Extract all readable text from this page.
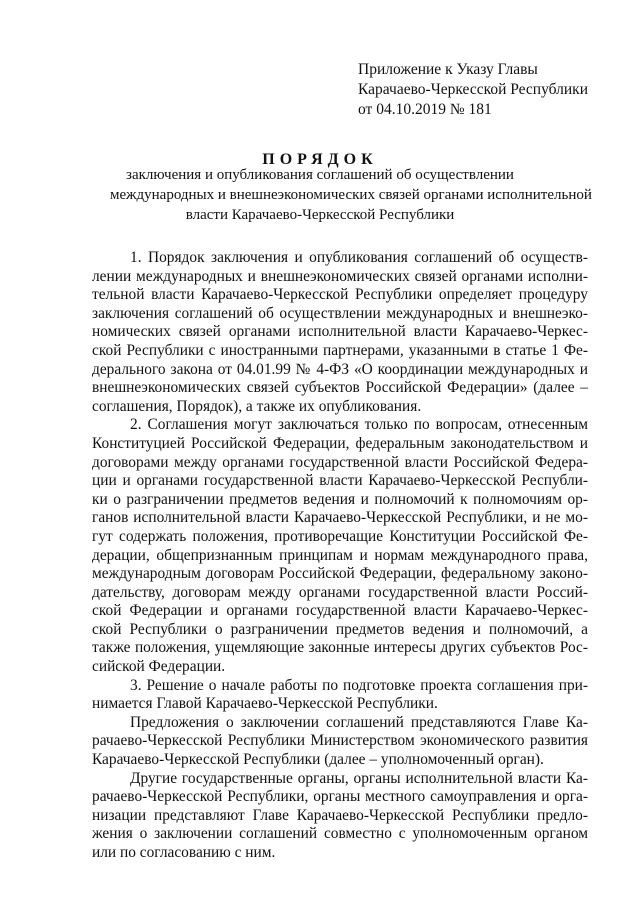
Приложение к Указу Главы
Карачаево-Черкесской Республики
от 04.10.2019 № 181
ПОРЯДОК
заключения и опубликования соглашений об осуществлении
международных и внешнеэкономических связей органами исполнительной
власти Карачаево-Черкесской Республики
1. Порядок заключения и опубликования соглашений об осуществ-
лении международных и внешнеэкономических связей органами исполни-
тельной власти Карачаево-Черкесской Республики определяет процедуру
заключения соглашений об осуществлении международных и внешнеэко-
номических связей органами исполнительной власти Карачаево-Черкес-
ской Республики с иностранными партнерами, указанными в статье 1 Фе-
дерального закона от 04.01.99 № 4-ФЗ «О координации международных и
внешнеэкономических связей субъектов Российской Федерации» (далее –
соглашения, Порядок), а также их опубликования.
2. Соглашения могут заключаться только по вопросам, отнесенным
Конституцией Российской Федерации, федеральным законодательством и
договорами между органами государственной власти Российской Федера-
ции и органами государственной власти Карачаево-Черкесской Республи-
ки о разграничении предметов ведения и полномочий к полномочиям ор-
ганов исполнительной власти Карачаево-Черкесской Республики, и не мо-
гут содержать положения, противоречащие Конституции Российской Фе-
дерации, общепризнанным принципам и нормам международного права,
международным договорам Российской Федерации, федеральному законо-
дательству, договорам между органами государственной власти Россий-
ской Федерации и органами государственной власти Карачаево-Черкес-
ской Республики о разграничении предметов ведения и полномочий, а
также положения, ущемляющие законные интересы других субъектов Рос-
сийской Федерации.
3. Решение о начале работы по подготовке проекта соглашения при-
нимается Главой Карачаево-Черкесской Республики.
Предложения о заключении соглашений представляются Главе Ка-
рачаево-Черкесской Республики Министерством экономического развития
Карачаево-Черкесской Республики (далее – уполномоченный орган).
Другие государственные органы, органы исполнительной власти Ка-
рачаево-Черкесской Республики, органы местного самоуправления и орга-
низации представляют Главе Карачаево-Черкесской Республики предло-
жения о заключении соглашений совместно с уполномоченным органом
или по согласованию с ним.
